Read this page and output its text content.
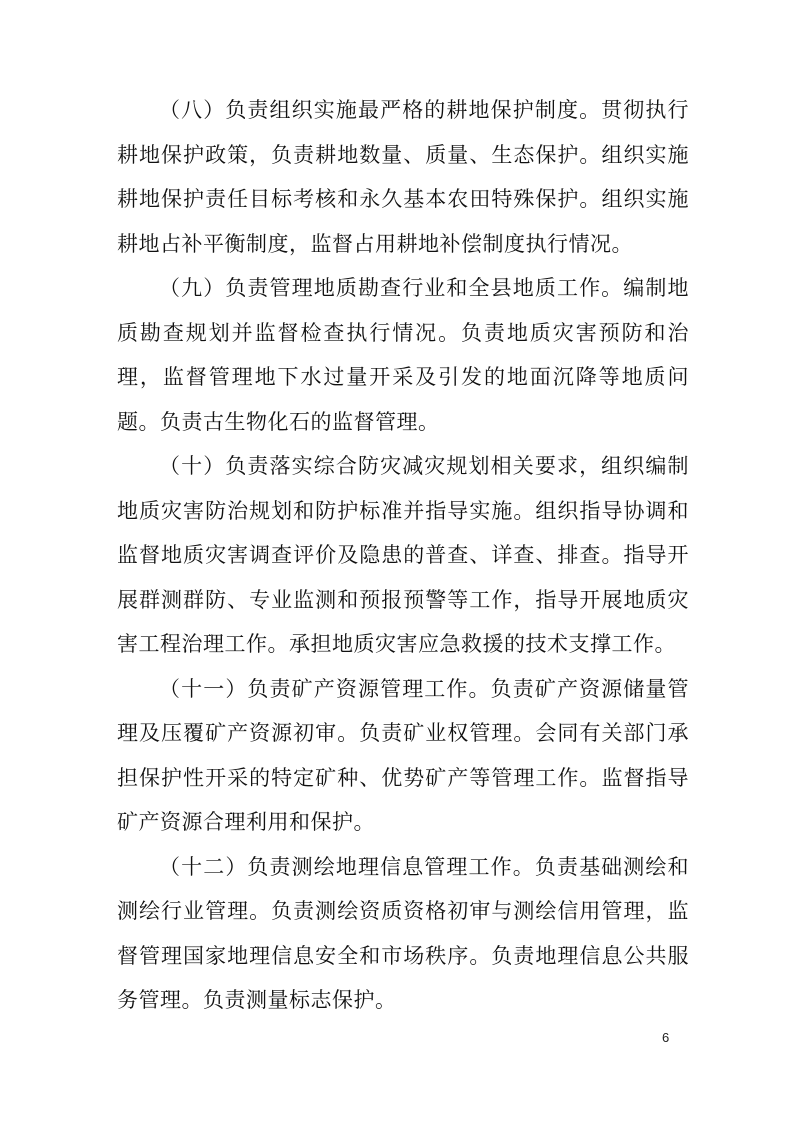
（八）负责组织实施最严格的耕地保护制度。贯彻执行耕地保护政策，负责耕地数量、质量、生态保护。组织实施耕地保护责任目标考核和永久基本农田特殊保护。组织实施耕地占补平衡制度，监督占用耕地补偿制度执行情况。

（九）负责管理地质勘查行业和全县地质工作。编制地质勘查规划并监督检查执行情况。负责地质灾害预防和治理，监督管理地下水过量开采及引发的地面沉降等地质问题。负责古生物化石的监督管理。

（十）负责落实综合防灾减灾规划相关要求，组织编制地质灾害防治规划和防护标准并指导实施。组织指导协调和监督地质灾害调查评价及隐患的普查、详查、排查。指导开展群测群防、专业监测和预报预警等工作，指导开展地质灾害工程治理工作。承担地质灾害应急救援的技术支撑工作。

（十一）负责矿产资源管理工作。负责矿产资源储量管理及压覆矿产资源初审。负责矿业权管理。会同有关部门承担保护性开采的特定矿种、优势矿产等管理工作。监督指导矿产资源合理利用和保护。

（十二）负责测绘地理信息管理工作。负责基础测绘和测绘行业管理。负责测绘资质资格初审与测绘信用管理，监督管理国家地理信息安全和市场秩序。负责地理信息公共服务管理。负责测量标志保护。

6
